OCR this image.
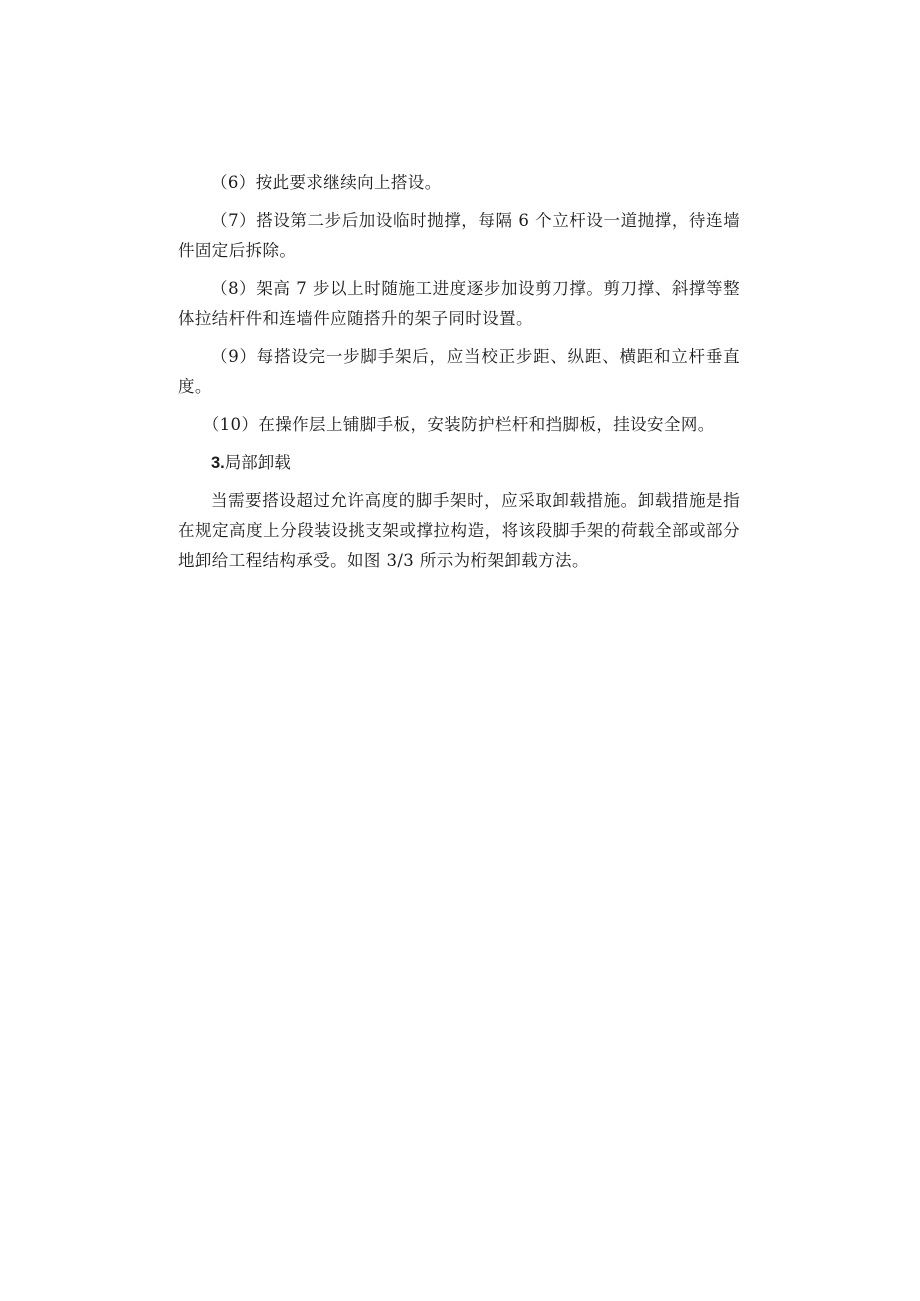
（6）按此要求继续向上搭设。

（7）搭设第二步后加设临时抛撑，每隔 6 个立杆设一道抛撑，待连墙件固定后拆除。

（8）架高 7 步以上时随施工进度逐步加设剪刀撑。剪刀撑、斜撑等整体拉结杆件和连墙件应随搭升的架子同时设置。

（9）每搭设完一步脚手架后，应当校正步距、纵距、横距和立杆垂直度。

（10）在操作层上铺脚手板，安装防护栏杆和挡脚板，挂设安全网。

3.局部卸载

当需要搭设超过允许高度的脚手架时，应采取卸载措施。卸载措施是指在规定高度上分段装设挑支架或撑拉构造，将该段脚手架的荷载全部或部分地卸给工程结构承受。如图 3/3 所示为桁架卸载方法。
